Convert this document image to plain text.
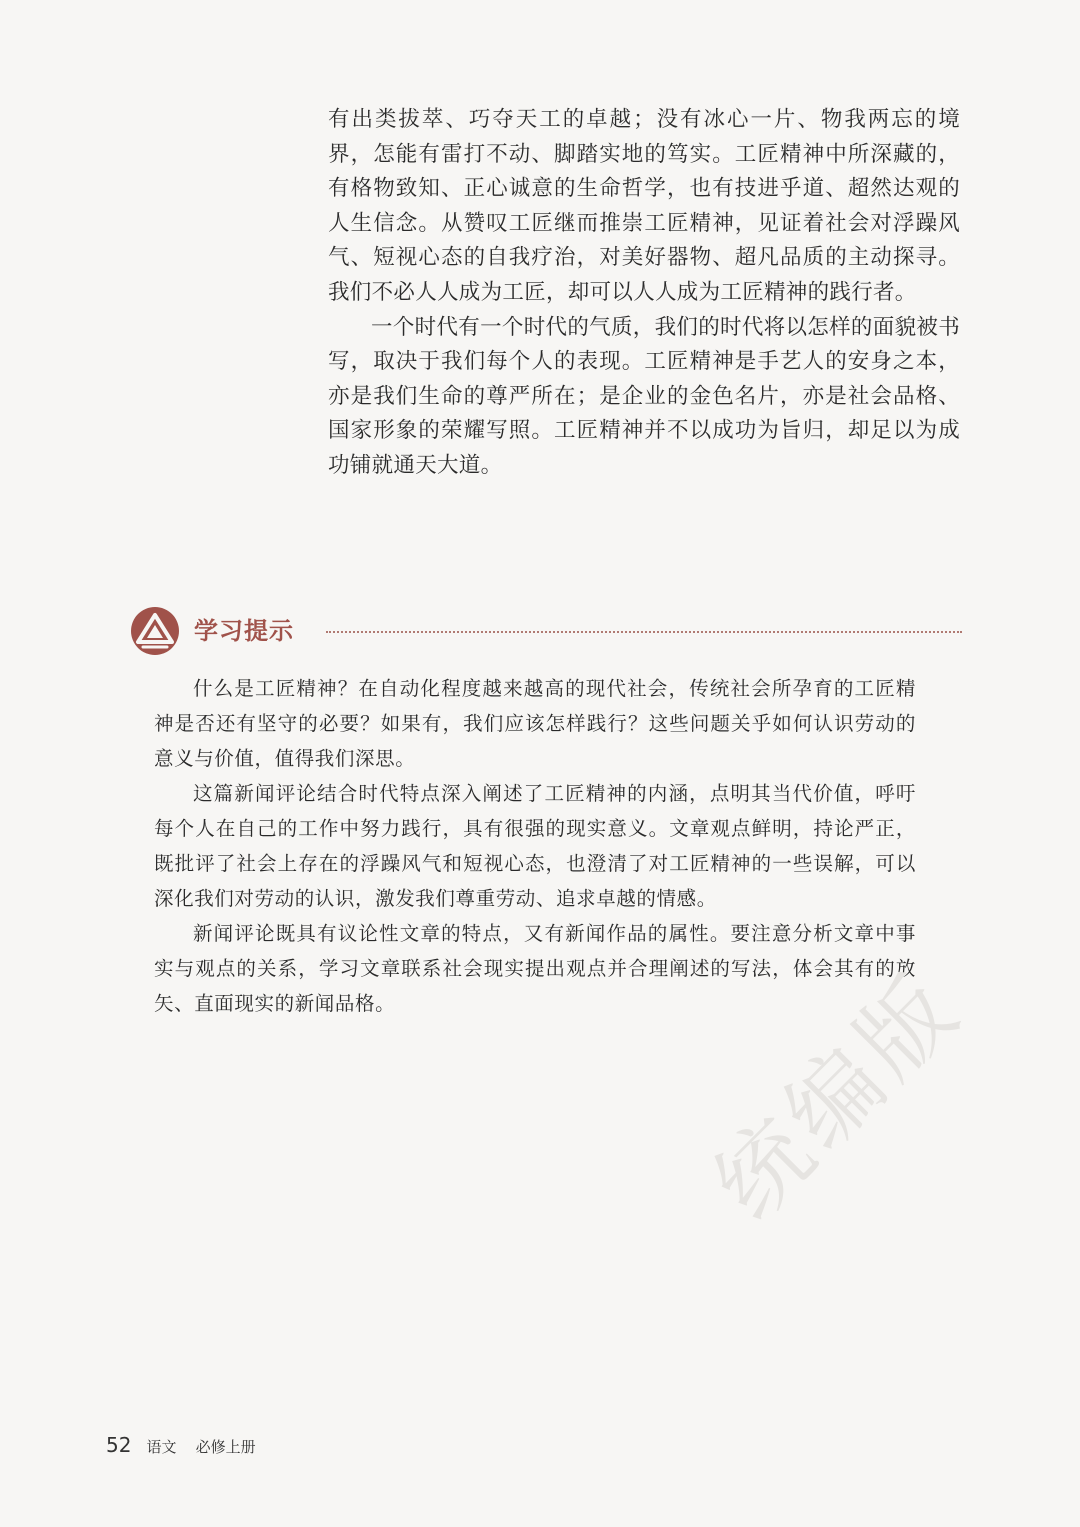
有出类拔萃、巧夺天工的卓越；没有冰心一片、物我两忘的境界，怎能有雷打不动、脚踏实地的笃实。工匠精神中所深藏的，有格物致知、正心诚意的生命哲学，也有技进乎道、超然达观的人生信念。从赞叹工匠继而推崇工匠精神，见证着社会对浮躁风气、短视心态的自我疗治，对美好器物、超凡品质的主动探寻。我们不必人人成为工匠，却可以人人成为工匠精神的践行者。

一个时代有一个时代的气质，我们的时代将以怎样的面貌被书写，取决于我们每个人的表现。工匠精神是手艺人的安身之本，亦是我们生命的尊严所在；是企业的金色名片，亦是社会品格、国家形象的荣耀写照。工匠精神并不以成功为旨归，却足以为成功铺就通天大道。

学习提示

什么是工匠精神？在自动化程度越来越高的现代社会，传统社会所孕育的工匠精神是否还有坚守的必要？如果有，我们应该怎样践行？这些问题关乎如何认识劳动的意义与价值，值得我们深思。

这篇新闻评论结合时代特点深入阐述了工匠精神的内涵，点明其当代价值，呼吁每个人在自己的工作中努力践行，具有很强的现实意义。文章观点鲜明，持论严正，既批评了社会上存在的浮躁风气和短视心态，也澄清了对工匠精神的一些误解，可以深化我们对劳动的认识，激发我们尊重劳动、追求卓越的情感。

新闻评论既具有议论性文章的特点，又有新闻作品的属性。要注意分析文章中事实与观点的关系，学习文章联系社会现实提出观点并合理阐述的写法，体会其有的放矢、直面现实的新闻品格。	统编版
52 语文 必修上册
